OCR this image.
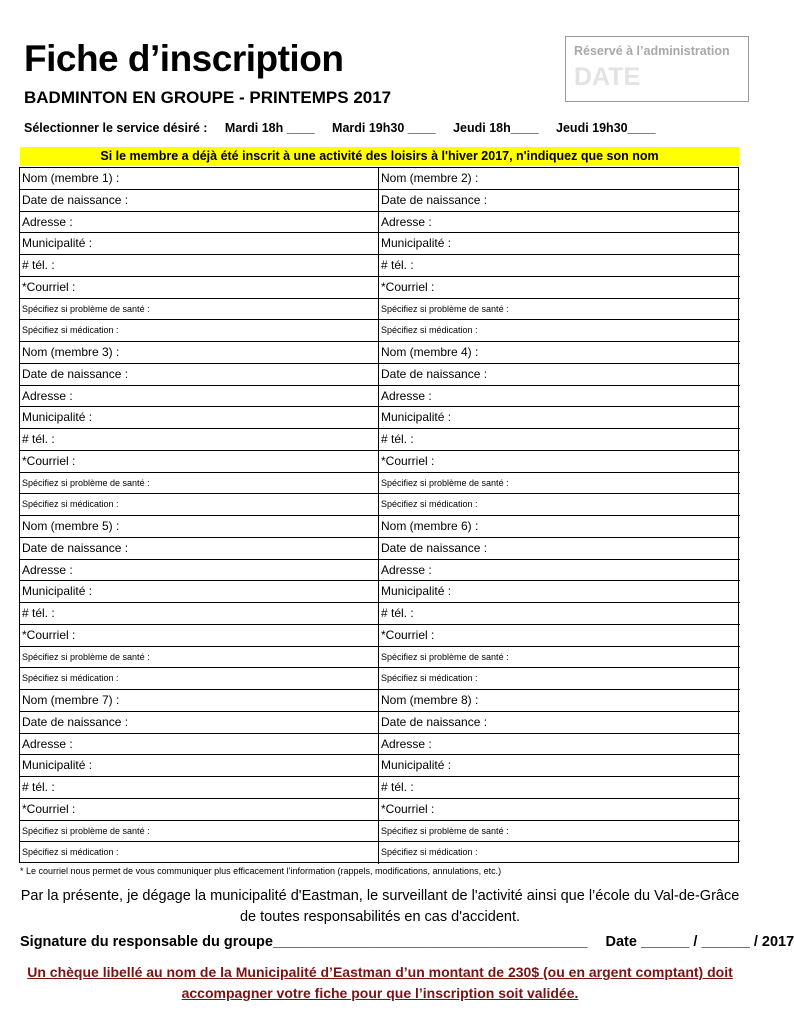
Fiche d’inscription
BADMINTON EN GROUPE - PRINTEMPS 2017
Réservé à l’administration
DATE
Sélectionner le service désiré : Mardi 18h ____ Mardi 19h30 ____ Jeudi 18h____ Jeudi 19h30____
Si le membre a déjà été inscrit à une activité des loisirs à l'hiver 2017, n'indiquez que son nom
Nom (membre 1) :	Nom (membre 2) :
Date de naissance :	Date de naissance :
Adresse :	Adresse :
Municipalité :	Municipalité :
# tél. :	# tél. :
*Courriel :	*Courriel :
Spécifiez si problème de santé :	Spécifiez si problème de santé :
Spécifiez si médication :	Spécifiez si médication :
Nom (membre 3) :	Nom (membre 4) :
Date de naissance :	Date de naissance :
Adresse :	Adresse :
Municipalité :	Municipalité :
# tél. :	# tél. :
*Courriel :	*Courriel :
Spécifiez si problème de santé :	Spécifiez si problème de santé :
Spécifiez si médication :	Spécifiez si médication :
Nom (membre 5) :	Nom (membre 6) :
Date de naissance :	Date de naissance :
Adresse :	Adresse :
Municipalité :	Municipalité :
# tél. :	# tél. :
*Courriel :	*Courriel :
Spécifiez si problème de santé :	Spécifiez si problème de santé :
Spécifiez si médication :	Spécifiez si médication :
Nom (membre 7) :	Nom (membre 8) :
Date de naissance :	Date de naissance :
Adresse :	Adresse :
Municipalité :	Municipalité :
# tél. :	# tél. :
*Courriel :	*Courriel :
Spécifiez si problème de santé :	Spécifiez si problème de santé :
Spécifiez si médication :	Spécifiez si médication :
* Le courriel nous permet de vous communiquer plus efficacement l’information (rappels, modifications, annulations, etc.)
Par la présente, je dégage la municipalité d'Eastman, le surveillant de l'activité ainsi que l’école du Val-de-Grâce de toutes responsabilités en cas d'accident.
Signature du responsable du groupe_______________________________________ Date ______ / ______ / 2017
Un chèque libellé au nom de la Municipalité d’Eastman d’un montant de 230$ (ou en argent comptant) doit accompagner votre fiche pour que l’inscription soit validée.
